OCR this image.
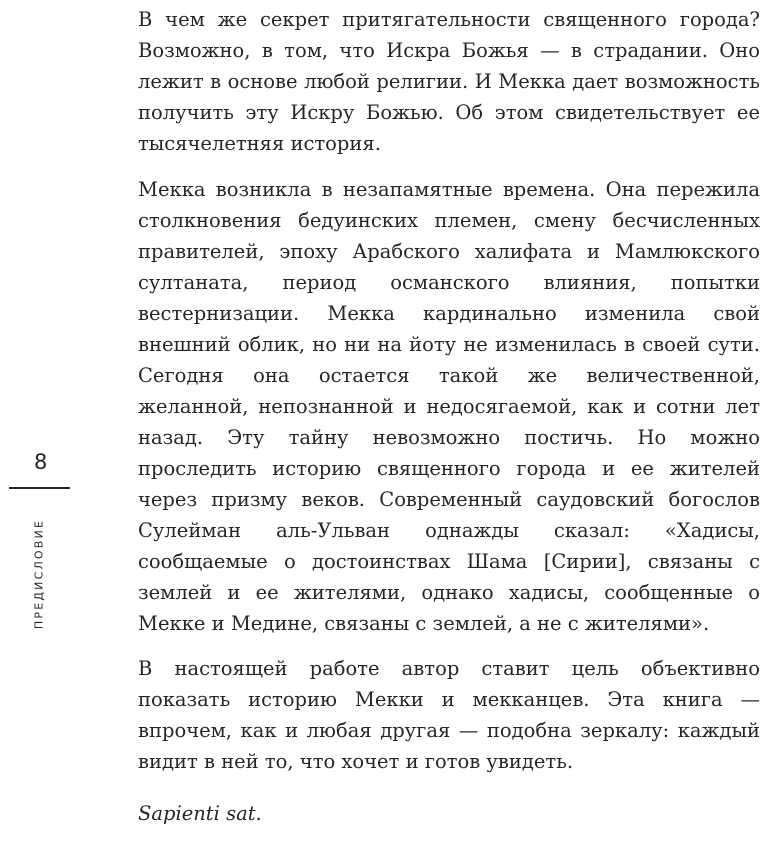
В чем же секрет притягательности священного города? Возможно, в том, что Искра Божья — в страдании. Оно лежит в основе любой религии. И Мекка дает возможность получить эту Искру Божью. Об этом свидетельствует ее тысячелетняя история.

Мекка возникла в незапамятные времена. Она пережила столкновения бедуинских племен, смену бесчисленных правителей, эпоху Арабского халифата и Мамлюкского султаната, период османского влияния, попытки вестернизации. Мекка кардинально изменила свой внешний облик, но ни на йоту не изменилась в своей сути. Сегодня она остается такой же величественной, желанной, непознанной и недосягаемой, как и сотни лет назад. Эту тайну невозможно постичь. Но можно проследить историю священного города и ее жителей через призму веков. Современный саудовский богослов Сулейман аль-Ульван однажды сказал: «Хадисы, сообщаемые о достоинствах Шама [Сирии], связаны с землей и ее жителями, однако хадисы, сообщенные о Мекке и Медине, связаны с землей, а не с жителями».

В настоящей работе автор ставит цель объективно показать историю Мекки и мекканцев. Эта книга — впрочем, как и любая другая — подобна зеркалу: каждый видит в ней то, что хочет и готов увидеть.

Sapienti sat.

8
ПРЕДИСЛОВИЕ
